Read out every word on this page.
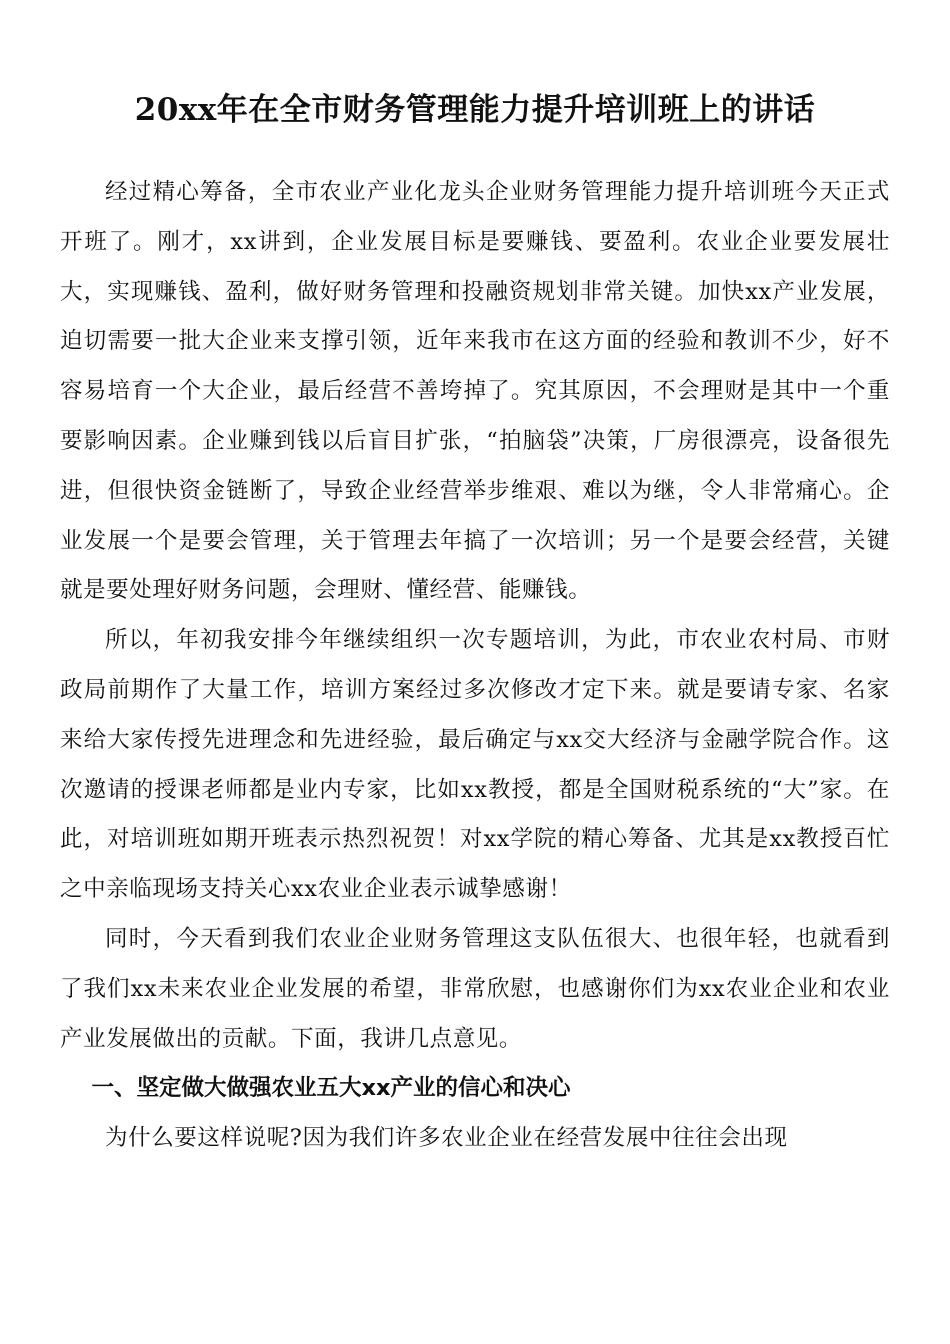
20xx年在全市财务管理能力提升培训班上的讲话

经过精心筹备，全市农业产业化龙头企业财务管理能力提升培训班今天正式开班了。刚才，xx讲到，企业发展目标是要赚钱、要盈利。农业企业要发展壮大，实现赚钱、盈利，做好财务管理和投融资规划非常关键。加快xx产业发展，迫切需要一批大企业来支撑引领，近年来我市在这方面的经验和教训不少，好不容易培育一个大企业，最后经营不善垮掉了。究其原因，不会理财是其中一个重要影响因素。企业赚到钱以后盲目扩张，“拍脑袋”决策，厂房很漂亮，设备很先进，但很快资金链断了，导致企业经营举步维艰、难以为继，令人非常痛心。企业发展一个是要会管理，关于管理去年搞了一次培训；另一个是要会经营，关键就是要处理好财务问题，会理财、懂经营、能赚钱。

所以，年初我安排今年继续组织一次专题培训，为此，市农业农村局、市财政局前期作了大量工作，培训方案经过多次修改才定下来。就是要请专家、名家来给大家传授先进理念和先进经验，最后确定与xx交大经济与金融学院合作。这次邀请的授课老师都是业内专家，比如xx教授，都是全国财税系统的“大”家。在此，对培训班如期开班表示热烈祝贺！对xx学院的精心筹备、尤其是xx教授百忙之中亲临现场支持关心xx农业企业表示诚挚感谢！

同时，今天看到我们农业企业财务管理这支队伍很大、也很年轻，也就看到了我们xx未来农业企业发展的希望，非常欣慰，也感谢你们为xx农业企业和农业产业发展做出的贡献。下面，我讲几点意见。

一、坚定做大做强农业五大xx产业的信心和决心

为什么要这样说呢?因为我们许多农业企业在经营发展中往往会出现
